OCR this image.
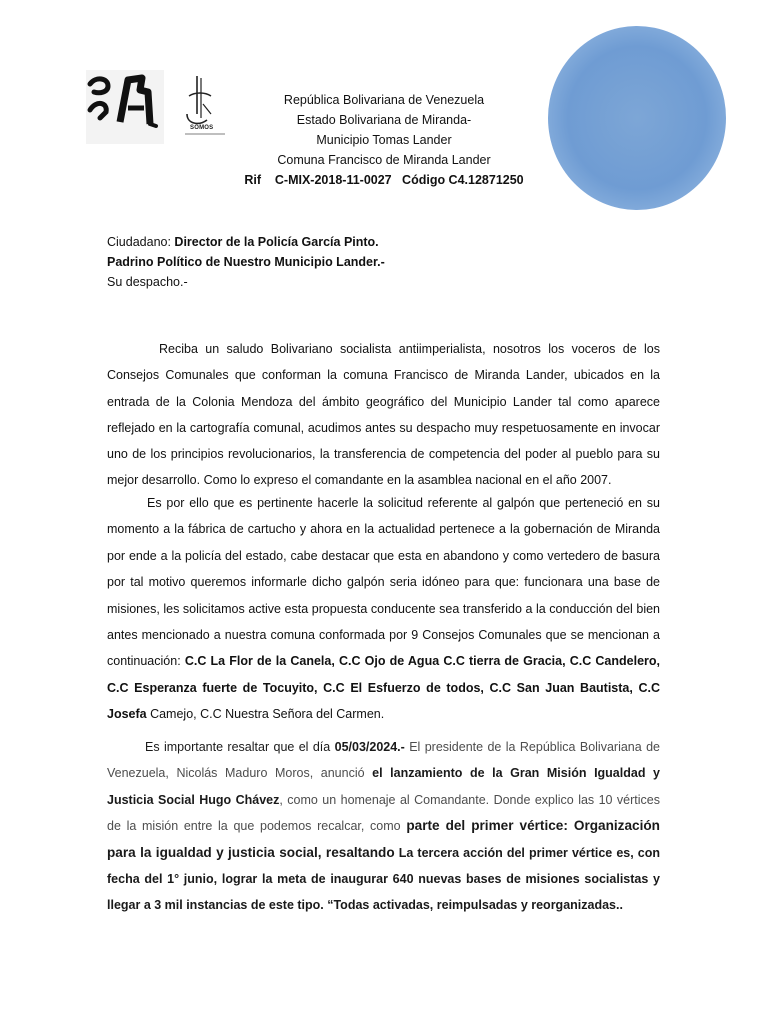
SOMOS
República Bolivariana de Venezuela
Estado Bolivariana de Miranda-
Municipio Tomas Lander
Comuna Francisco de Miranda Lander
Rif    C-MIX-2018-11-0027   Código C4.12871250
Ciudadano: Director de la Policía García Pinto.
Padrino Político de Nuestro Municipio Lander.-
Su despacho.-
Reciba un saludo Bolivariano socialista antiimperialista, nosotros los voceros de los Consejos Comunales que conforman la comuna Francisco de Miranda Lander, ubicados en la entrada de la Colonia Mendoza del ámbito geográfico del Municipio Lander tal como aparece reflejado en la cartografía comunal, acudimos antes su despacho muy respetuosamente en invocar uno de los principios revolucionarios, la transferencia de competencia del poder al pueblo para su mejor desarrollo. Como lo expreso el comandante en la asamblea nacional en el año 2007.
Es por ello que es pertinente hacerle la solicitud referente al galpón que perteneció en su momento a la fábrica de cartucho y ahora en la actualidad pertenece a la gobernación de Miranda por ende a la policía del estado, cabe destacar que esta en abandono y como vertedero de basura por tal motivo queremos informarle dicho galpón seria idóneo para que: funcionara una base de misiones, les solicitamos active esta propuesta conducente sea transferido a la conducción del bien antes mencionado a nuestra comuna conformada por 9 Consejos Comunales que se mencionan a continuación: C.C La Flor de la Canela, C.C Ojo de Agua C.C tierra de Gracia, C.C Candelero, C.C Esperanza fuerte de Tocuyito, C.C El Esfuerzo de todos, C.C San Juan Bautista, C.C Josefa Camejo, C.C Nuestra Señora del Carmen.
Es importante resaltar que el día 05/03/2024.- El presidente de la República Bolivariana de Venezuela, Nicolás Maduro Moros, anunció el lanzamiento de la Gran Misión Igualdad y Justicia Social Hugo Chávez, como un homenaje al Comandante. Donde explico las 10 vértices de la misión entre la que podemos recalcar, como parte del primer vértice: Organización para la igualdad y justicia social, resaltando La tercera acción del primer vértice es, con fecha del 1° junio, lograr la meta de inaugurar 640 nuevas bases de misiones socialistas y llegar a 3 mil instancias de este tipo. “Todas activadas, reimpulsadas y reorganizadas..
